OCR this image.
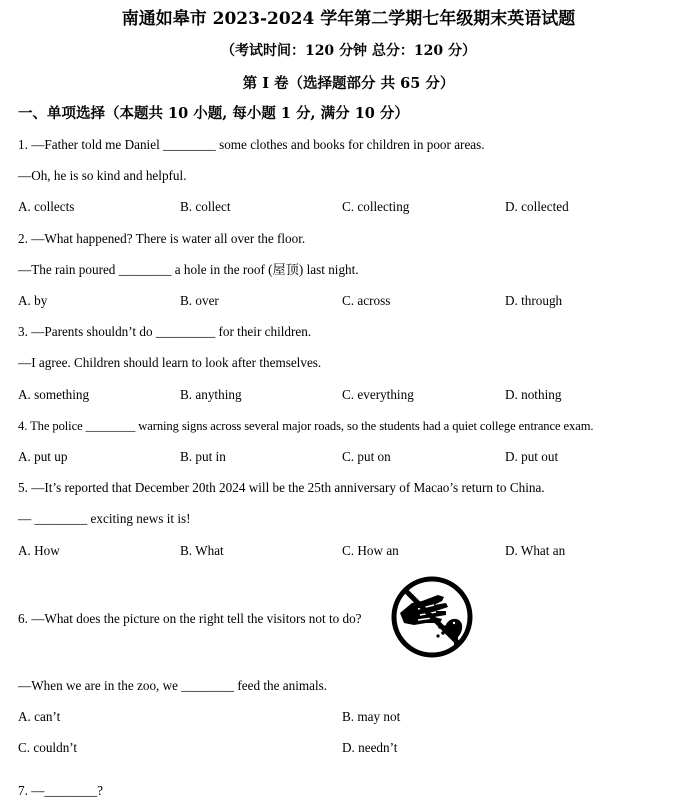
南通如皋市 2023-2024 学年第二学期七年级期末英语试题
（考试时间：120 分钟 总分：120 分）
第 I 卷（选择题部分 共 65 分）
一、单项选择（本题共 10 小题, 每小题 1 分, 满分 10 分）
1. —Father told me Daniel ________ some clothes and books for children in poor areas.
—Oh, he is so kind and helpful.
A. collects	B. collect	C. collecting	D. collected
2. —What happened? There is water all over the floor.
—The rain poured ________ a hole in the roof (屋顶) last night.
A. by	B. over	C. across	D. through
3. —Parents shouldn’t do _________ for their children.
—I agree. Children should learn to look after themselves.
A. something	B. anything	C. everything	D. nothing
4. The police ________ warning signs across several major roads, so the students had a quiet college entrance exam.
A. put up	B. put in	C. put on	D. put out
5. —It’s reported that December 20th 2024 will be the 25th anniversary of Macao’s return to China.
— ________ exciting news it is!
A. How	B. What	C. How an	D. What an
6. —What does the picture on the right tell the visitors not to do?
—When we are in the zoo, we ________ feed the animals.
A. can’t	B. may not
C. couldn’t	D. needn’t
7. —________?
